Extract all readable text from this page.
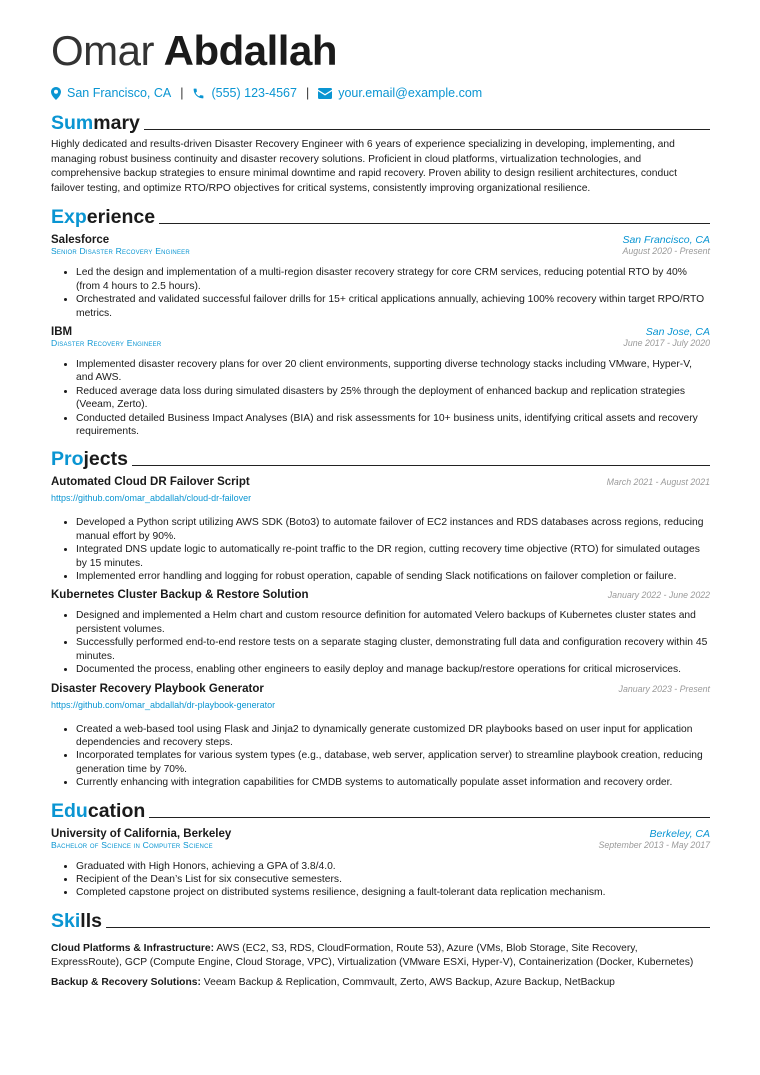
Omar Abdallah
San Francisco, CA | (555) 123-4567 | your.email@example.com
Summary

Highly dedicated and results-driven Disaster Recovery Engineer with 6 years of experience specializing in developing, implementing, and managing robust business continuity and disaster recovery solutions. Proficient in cloud platforms, virtualization technologies, and comprehensive backup strategies to ensure minimal downtime and rapid recovery. Proven ability to design resilient architectures, conduct failover testing, and optimize RTO/RPO objectives for critical systems, consistently improving organizational resilience.

Experience
Salesforce	San Francisco, CA
Senior Disaster Recovery Engineer	August 2020 - Present
• Led the design and implementation of a multi-region disaster recovery strategy for core CRM services, reducing potential RTO by 40% (from 4 hours to 2.5 hours).
• Orchestrated and validated successful failover drills for 15+ critical applications annually, achieving 100% recovery within target RPO/RTO metrics.
IBM	San Jose, CA
Disaster Recovery Engineer	June 2017 - July 2020
• Implemented disaster recovery plans for over 20 client environments, supporting diverse technology stacks including VMware, Hyper-V, and AWS.
• Reduced average data loss during simulated disasters by 25% through the deployment of enhanced backup and replication strategies (Veeam, Zerto).
• Conducted detailed Business Impact Analyses (BIA) and risk assessments for 10+ business units, identifying critical assets and recovery requirements.
Projects
Automated Cloud DR Failover Script	March 2021 - August 2021
https://github.com/omar_abdallah/cloud-dr-failover
• Developed a Python script utilizing AWS SDK (Boto3) to automate failover of EC2 instances and RDS databases across regions, reducing manual effort by 90%.
• Integrated DNS update logic to automatically re-point traffic to the DR region, cutting recovery time objective (RTO) for simulated outages by 15 minutes.
• Implemented error handling and logging for robust operation, capable of sending Slack notifications on failover completion or failure.
Kubernetes Cluster Backup & Restore Solution	January 2022 - June 2022
• Designed and implemented a Helm chart and custom resource definition for automated Velero backups of Kubernetes cluster states and persistent volumes.
• Successfully performed end-to-end restore tests on a separate staging cluster, demonstrating full data and configuration recovery within 45 minutes.
• Documented the process, enabling other engineers to easily deploy and manage backup/restore operations for critical microservices.
Disaster Recovery Playbook Generator	January 2023 - Present
https://github.com/omar_abdallah/dr-playbook-generator
• Created a web-based tool using Flask and Jinja2 to dynamically generate customized DR playbooks based on user input for application dependencies and recovery steps.
• Incorporated templates for various system types (e.g., database, web server, application server) to streamline playbook creation, reducing generation time by 70%.
• Currently enhancing with integration capabilities for CMDB systems to automatically populate asset information and recovery order.
Education
University of California, Berkeley	Berkeley, CA
Bachelor of Science in Computer Science	September 2013 - May 2017
• Graduated with High Honors, achieving a GPA of 3.8/4.0.
• Recipient of the Dean’s List for six consecutive semesters.
• Completed capstone project on distributed systems resilience, designing a fault-tolerant data replication mechanism.
Skills

Cloud Platforms & Infrastructure: AWS (EC2, S3, RDS, CloudFormation, Route 53), Azure (VMs, Blob Storage, Site Recovery, ExpressRoute), GCP (Compute Engine, Cloud Storage, VPC), Virtualization (VMware ESXi, Hyper-V), Containerization (Docker, Kubernetes)

Backup & Recovery Solutions: Veeam Backup & Replication, Commvault, Zerto, AWS Backup, Azure Backup, NetBackup
